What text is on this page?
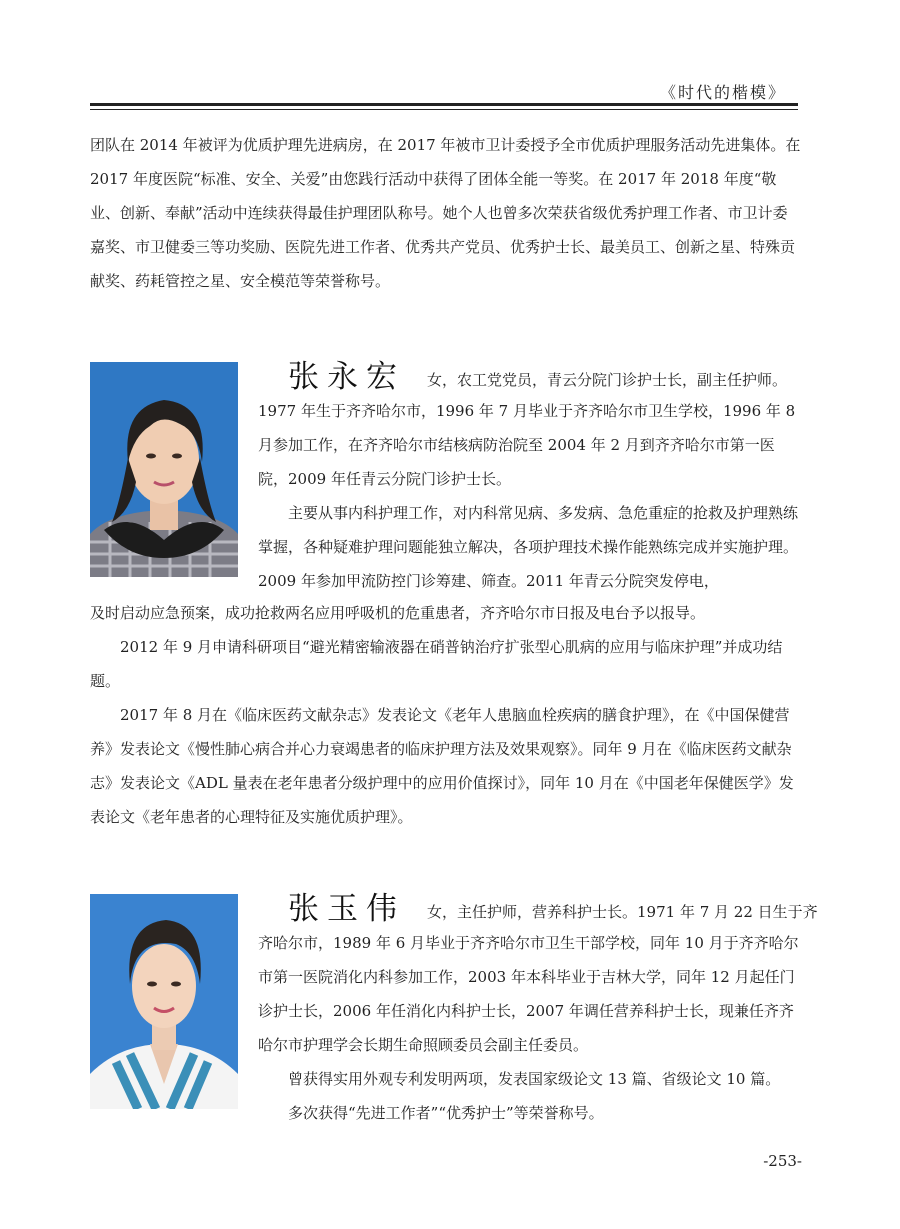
《时代的楷模》

团队在 2014 年被评为优质护理先进病房，在 2017 年被市卫计委授予全市优质护理服务活动先进集体。在 2017 年度医院“标准、安全、关爱”由您践行活动中获得了团体全能一等奖。在 2017 年 2018 年度“敬业、创新、奉献”活动中连续获得最佳护理团队称号。她个人也曾多次荣获省级优秀护理工作者、市卫计委嘉奖、市卫健委三等功奖励、医院先进工作者、优秀共产党员、优秀护士长、最美员工、创新之星、特殊贡献奖、药耗管控之星、安全模范等荣誉称号。

张永宏 女，农工党党员，青云分院门诊护士长，副主任护师。

1977 年生于齐齐哈尔市，1996 年 7 月毕业于齐齐哈尔市卫生学校，1996 年 8 月参加工作，在齐齐哈尔市结核病防治院至 2004 年 2 月到齐齐哈尔市第一医院，2009 年任青云分院门诊护士长。

主要从事内科护理工作，对内科常见病、多发病、急危重症的抢救及护理熟练掌握，各种疑难护理问题能独立解决，各项护理技术操作能熟练完成并实施护理。2009 年参加甲流防控门诊筹建、筛查。2011 年青云分院突发停电，

及时启动应急预案，成功抢救两名应用呼吸机的危重患者，齐齐哈尔市日报及电台予以报导。

2012 年 9 月申请科研项目“避光精密输液器在硝普钠治疗扩张型心肌病的应用与临床护理”并成功结题。

2017 年 8 月在《临床医药文献杂志》发表论文《老年人患脑血栓疾病的膳食护理》，在《中国保健营养》发表论文《慢性肺心病合并心力衰竭患者的临床护理方法及效果观察》。同年 9 月在《临床医药文献杂志》发表论文《ADL 量表在老年患者分级护理中的应用价值探讨》，同年 10 月在《中国老年保健医学》发表论文《老年患者的心理特征及实施优质护理》。

张玉伟 女，主任护师，营养科护士长。1971 年 7 月 22 日生于齐

齐哈尔市，1989 年 6 月毕业于齐齐哈尔市卫生干部学校，同年 10 月于齐齐哈尔市第一医院消化内科参加工作，2003 年本科毕业于吉林大学，同年 12 月起任门诊护士长，2006 年任消化内科护士长，2007 年调任营养科护士长，现兼任齐齐哈尔市护理学会长期生命照顾委员会副主任委员。

曾获得实用外观专利发明两项，发表国家级论文 13 篇、省级论文 10 篇。

多次获得“先进工作者”“优秀护士”等荣誉称号。

-253-
